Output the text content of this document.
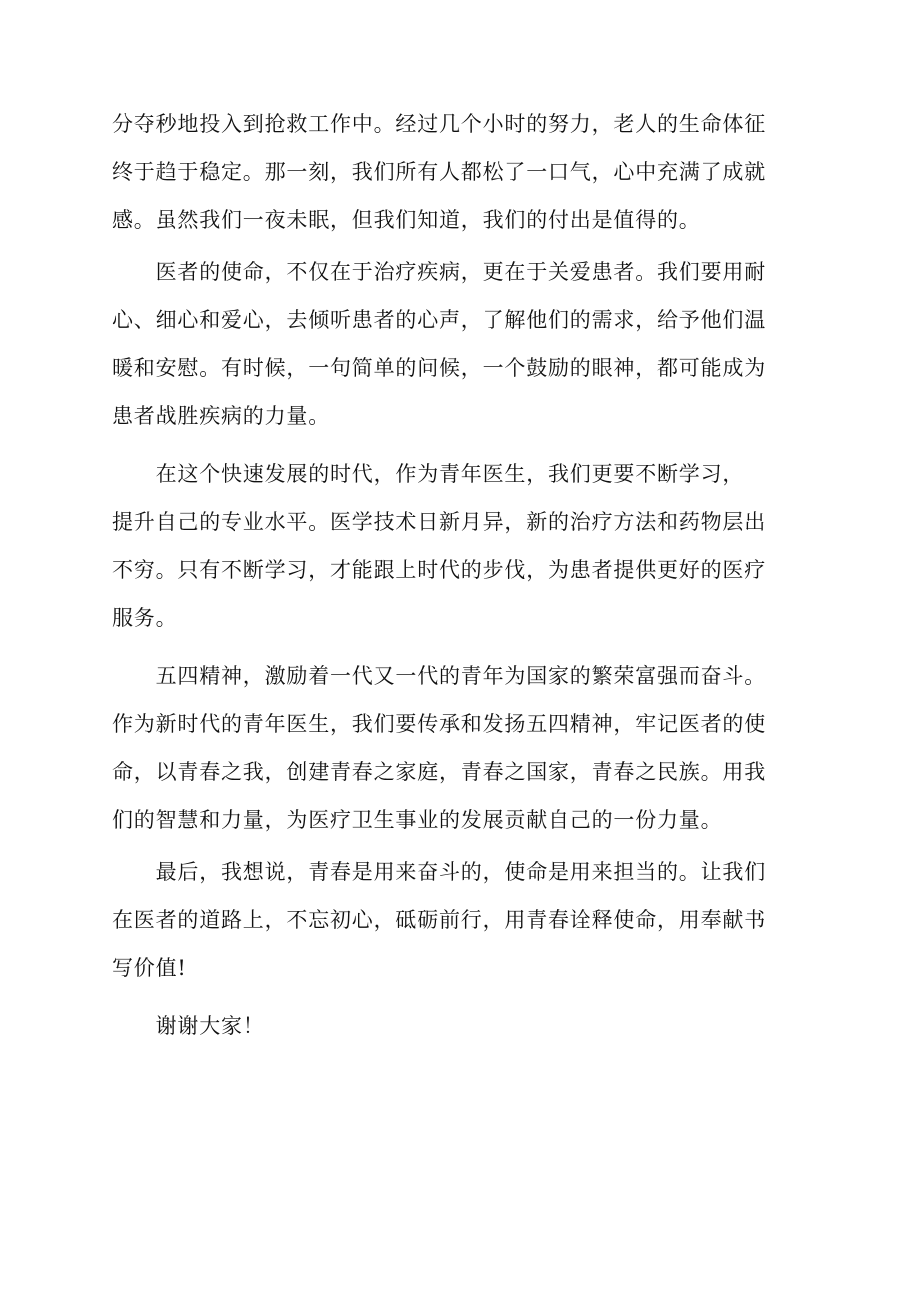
分夺秒地投入到抢救工作中。经过几个小时的努力，老人的生命体征
终于趋于稳定。那一刻，我们所有人都松了一口气，心中充满了成就
感。虽然我们一夜未眠，但我们知道，我们的付出是值得的。
　　医者的使命，不仅在于治疗疾病，更在于关爱患者。我们要用耐
心、细心和爱心，去倾听患者的心声，了解他们的需求，给予他们温
暖和安慰。有时候，一句简单的问候，一个鼓励的眼神，都可能成为
患者战胜疾病的力量。
　　在这个快速发展的时代，作为青年医生，我们更要不断学习，
提升自己的专业水平。医学技术日新月异，新的治疗方法和药物层出
不穷。只有不断学习，才能跟上时代的步伐，为患者提供更好的医疗
服务。
　　五四精神，激励着一代又一代的青年为国家的繁荣富强而奋斗。
作为新时代的青年医生，我们要传承和发扬五四精神，牢记医者的使
命，以青春之我，创建青春之家庭，青春之国家，青春之民族。用我
们的智慧和力量，为医疗卫生事业的发展贡献自己的一份力量。
　　最后，我想说，青春是用来奋斗的，使命是用来担当的。让我们
在医者的道路上，不忘初心，砥砺前行，用青春诠释使命，用奉献书
写价值!
　　谢谢大家！
